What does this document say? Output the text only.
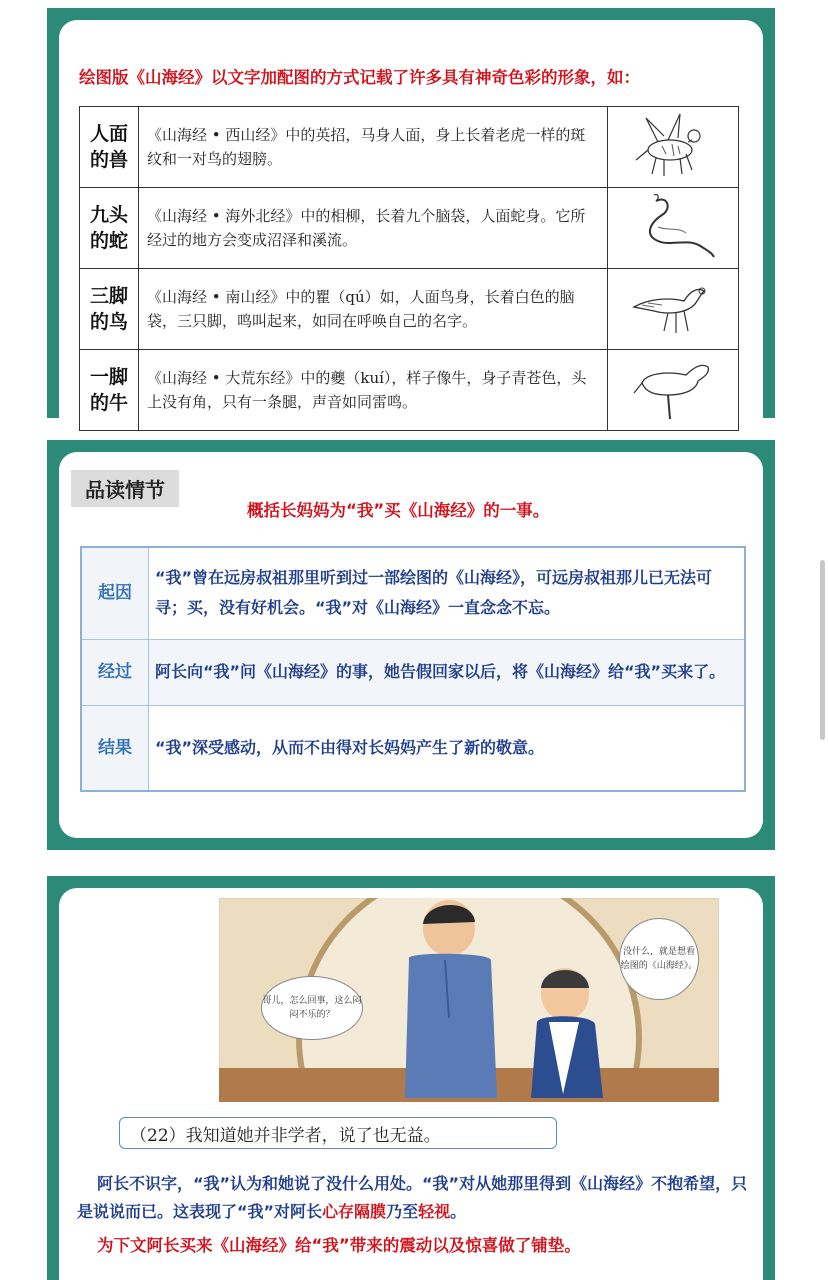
绘图版《山海经》以文字加配图的方式记载了许多具有神奇色彩的形象，如：
人面的兽	《山海经 • 西山经》中的英招，马身人面，身上长着老虎一样的斑纹和一对鸟的翅膀。	
九头的蛇	《山海经 • 海外北经》中的相柳，长着九个脑袋，人面蛇身。它所经过的地方会变成沼泽和溪流。	
三脚的鸟	《山海经 • 南山经》中的瞿（qú）如，人面鸟身，长着白色的脑袋，三只脚，鸣叫起来，如同在呼唤自己的名字。	
一脚的牛	《山海经 • 大荒东经》中的夔（kuí），样子像牛，身子青苍色，头上没有角，只有一条腿，声音如同雷鸣。	
品读情节
概括长妈妈为“我”买《山海经》的一事。
起因	“我”曾在远房叔祖那里听到过一部绘图的《山海经》，可远房叔祖那儿已无法可寻；买，没有好机会。“我”对《山海经》一直念念不忘。
经过	阿长向“我”问《山海经》的事，她告假回家以后，将《山海经》给“我”买来了。
结果	“我”深受感动，从而不由得对长妈妈产生了新的敬意。
哥儿，怎么回事，这么闷闷不乐的？
没什么，就是想看绘图的《山海经》。
（22）我知道她并非学者，说了也无益。
阿长不识字，“我”认为和她说了没什么用处。“我”对从她那里得到《山海经》不抱希望，只是说说而已。这表现了“我”对阿长心存隔膜乃至轻视。
为下文阿长买来《山海经》给“我”带来的震动以及惊喜做了铺垫。
